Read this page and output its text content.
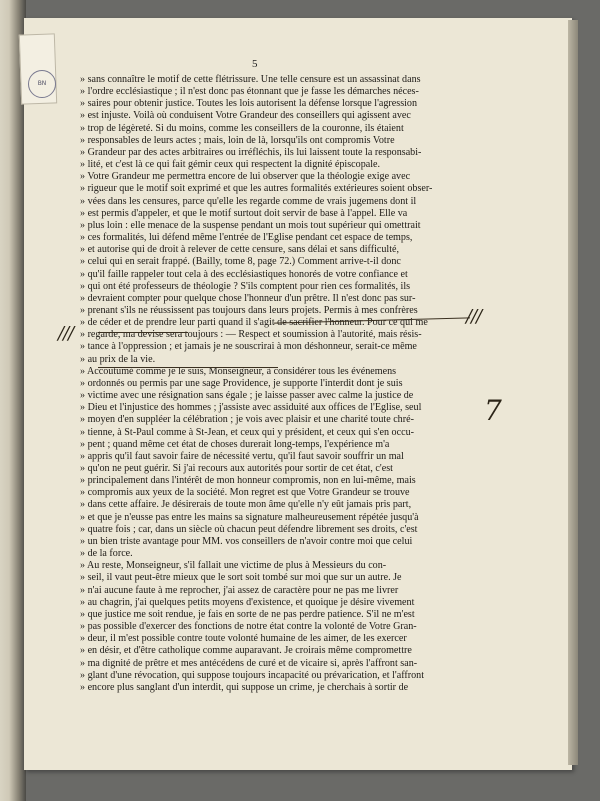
BN
5
» sans connaître le motif de cette flétrissure. Une telle censure est un assassinat dans
» l'ordre ecclésiastique ; il n'est donc pas étonnant que je fasse les démarches néces-
» saires pour obtenir justice. Toutes les lois autorisent la défense lorsque l'agression
» est injuste. Voilà où conduisent Votre Grandeur des conseillers qui agissent avec
» trop de légèreté. Si du moins, comme les conseillers de la couronne, ils étaient
» responsables de leurs actes ; mais, loin de là, lorsqu'ils ont compromis Votre
» Grandeur par des actes arbitraires ou irréfléchis, ils lui laissent toute la responsabi-
» lité, et c'est là ce qui fait gémir ceux qui respectent la dignité épiscopale.
» Votre Grandeur me permettra encore de lui observer que la théologie exige avec
» rigueur que le motif soit exprimé et que les autres formalités extérieures soient obser-
» vées dans les censures, parce qu'elle les regarde comme de vrais jugemens dont il
» est permis d'appeler, et que le motif surtout doit servir de base à l'appel. Elle va
» plus loin : elle menace de la suspense pendant un mois tout supérieur qui omettrait
» ces formalités, lui défend même l'entrée de l'Eglise pendant cet espace de temps,
» et autorise qui de droit à relever de cette censure, sans délai et sans difficulté,
» celui qui en serait frappé. (Bailly, tome 8, page 72.) Comment arrive-t-il donc
» qu'il faille rappeler tout cela à des ecclésiastiques honorés de votre confiance et
» qui ont été professeurs de théologie ? S'ils comptent pour rien ces formalités, ils
» devraient compter pour quelque chose l'honneur d'un prêtre. Il n'est donc pas sur-
» prenant s'ils ne réussissent pas toujours dans leurs projets. Permis à mes confrères
» de céder et de prendre leur parti quand il s'agit de sacrifier l'honneur. Pour ce qui me
» regarde, ma devise sera toujours : — Respect et soumission à l'autorité, mais résis-
» tance à l'oppression ; et jamais je ne souscrirai à mon déshonneur, serait-ce même
» au prix de la vie.
» Accoutumé comme je le suis, Monseigneur, à considérer tous les événemens
» ordonnés ou permis par une sage Providence, je supporte l'interdit dont je suis
» victime avec une résignation sans égale ; je laisse passer avec calme la justice de
» Dieu et l'injustice des hommes ; j'assiste avec assiduité aux offices de l'Eglise, seul
» moyen d'en suppléer la célébration ; je vois avec plaisir et une charité toute chré-
» tienne, à St-Paul comme à St-Jean, et ceux qui y président, et ceux qui s'en occu-
» pent ; quand même cet état de choses durerait long-temps, l'expérience m'a
» appris qu'il faut savoir faire de nécessité vertu, qu'il faut savoir souffrir un mal
» qu'on ne peut guérir. Si j'ai recours aux autorités pour sortir de cet état, c'est
» principalement dans l'intérêt de mon honneur compromis, non en lui-même, mais
» compromis aux yeux de la société. Mon regret est que Votre Grandeur se trouve
» dans cette affaire. Je désirerais de toute mon âme qu'elle n'y eût jamais pris part,
» et que je n'eusse pas entre les mains sa signature malheureusement répétée jusqu'à
» quatre fois ; car, dans un siècle où chacun peut défendre librement ses droits, c'est
» un bien triste avantage pour MM. vos conseillers de n'avoir contre moi que celui
» de la force.
» Au reste, Monseigneur, s'il fallait une victime de plus à Messieurs du con-
» seil, il vaut peut-être mieux que le sort soit tombé sur moi que sur un autre. Je
» n'ai aucune faute à me reprocher, j'ai assez de caractère pour ne pas me livrer
» au chagrin, j'ai quelques petits moyens d'existence, et quoique je désire vivement
» que justice me soit rendue, je fais en sorte de ne pas perdre patience. S'il ne m'est
» pas possible d'exercer des fonctions de notre état contre la volonté de Votre Gran-
» deur, il m'est possible contre toute volonté humaine de les aimer, de les exercer
» en désir, et d'être catholique comme auparavant. Je croirais même compromettre
» ma dignité de prêtre et mes antécédens de curé et de vicaire si, après l'affront san-
» glant d'une révocation, qui suppose toujours incapacité ou prévarication, et l'affront
» encore plus sanglant d'un interdit, qui suppose un crime, je cherchais à sortir de
///
///
7
